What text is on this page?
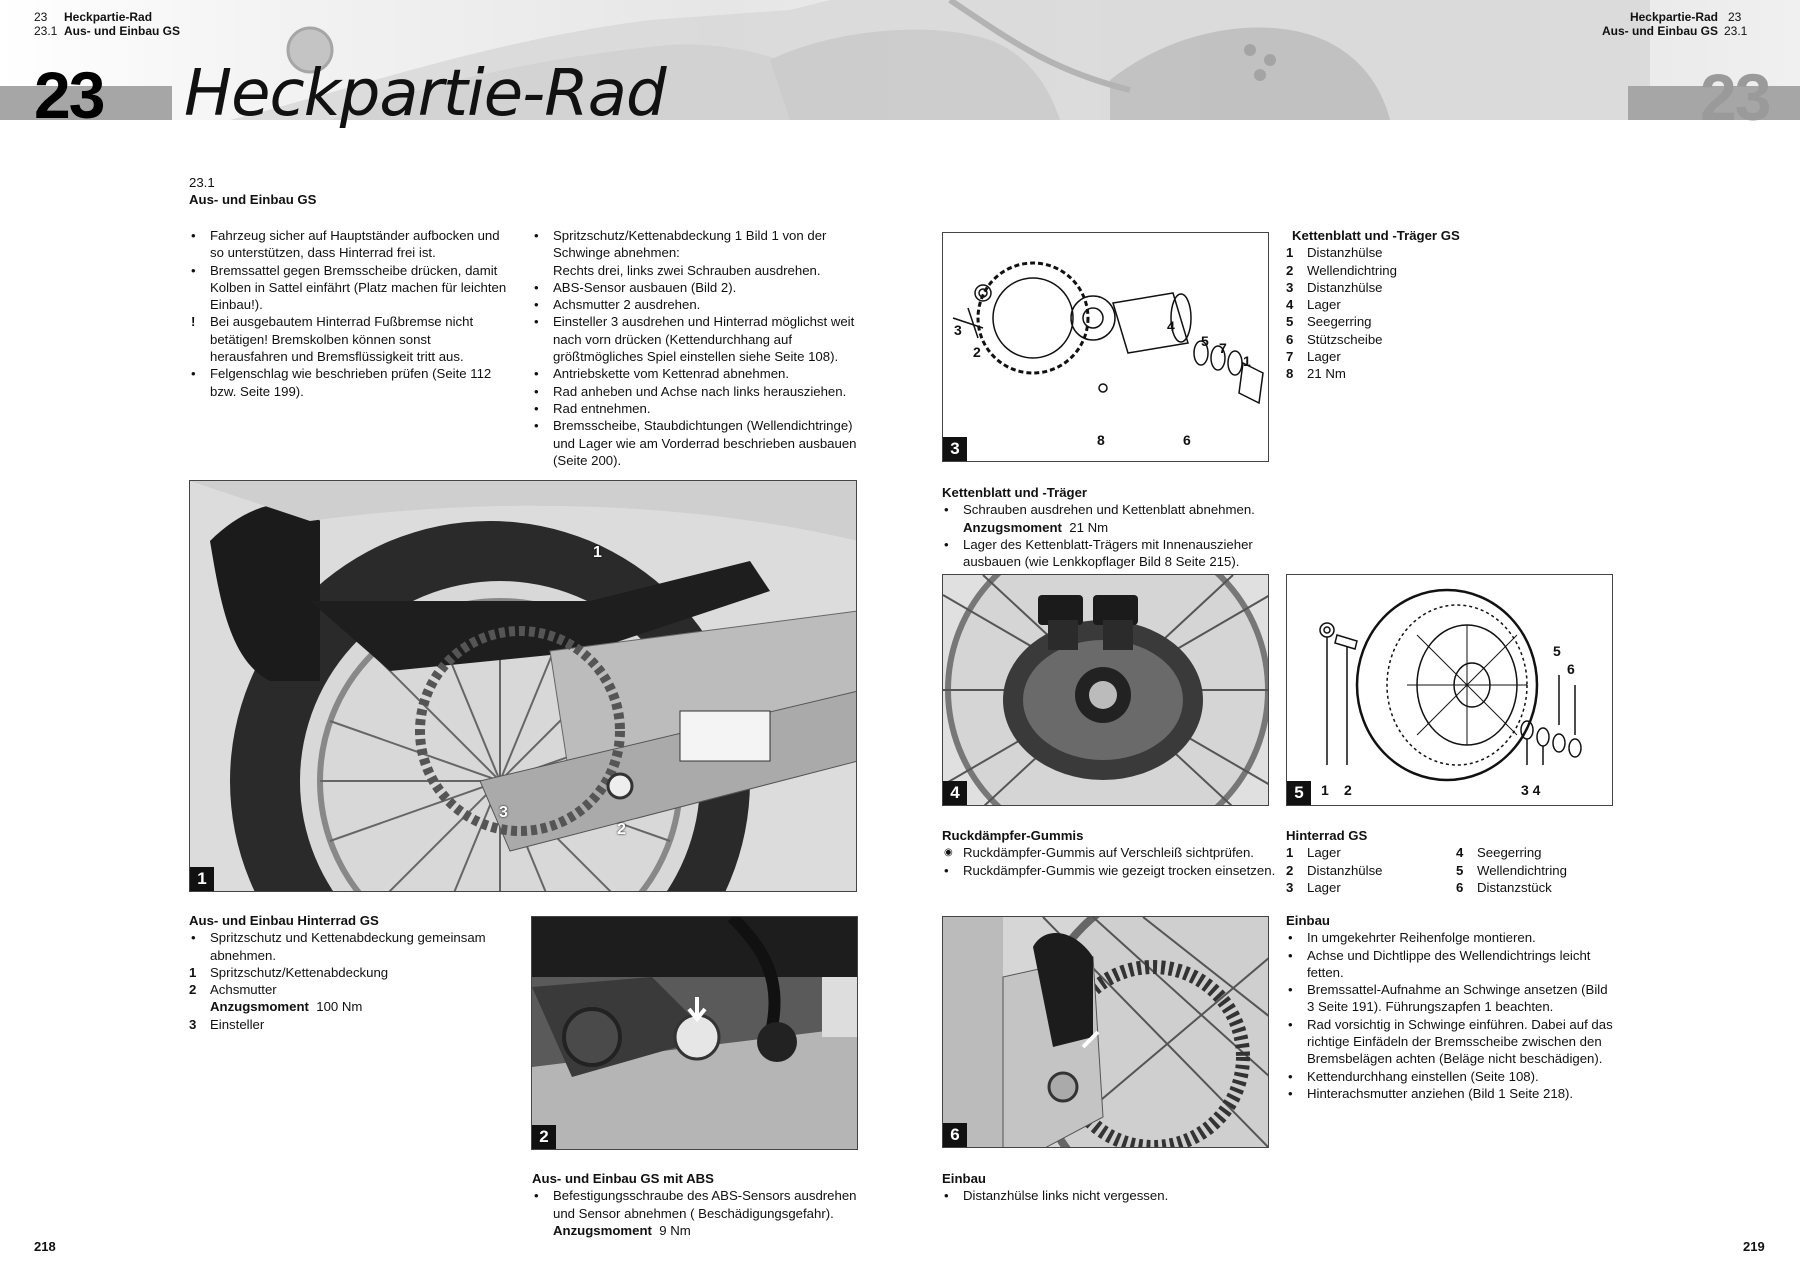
23 Heckpartie-Rad
23.1 Aus- und Einbau GS
Heckpartie-Rad 23
Aus- und Einbau GS 23.1
23 Heckpartie-Rad	23
23.1
Aus- und Einbau GS
• Fahrzeug sicher auf Hauptständer aufbocken und so unterstützen, dass Hinterrad frei ist.
• Bremssattel gegen Bremsscheibe drücken, damit Kolben in Sattel einfährt (Platz machen für leichten Einbau!).
! Bei ausgebautem Hinterrad Fußbremse nicht betätigen! Bremskolben können sonst herausfahren und Bremsflüssigkeit tritt aus.
• Felgenschlag wie beschrieben prüfen (Seite 112 bzw. Seite 199).
• Spritzschutz/Kettenabdeckung 1 Bild 1 von der Schwinge abnehmen:
Rechts drei, links zwei Schrauben ausdrehen.
• ABS-Sensor ausbauen (Bild 2).
• Achsmutter 2 ausdrehen.
• Einsteller 3 ausdrehen und Hinterrad möglichst weit nach vorn drücken (Kettendurchhang auf größtmögliches Spiel einstellen siehe Seite 108).
• Antriebskette vom Kettenrad abnehmen.
• Rad anheben und Achse nach links herausziehen.
• Rad entnehmen.
• Bremsscheibe, Staubdichtungen (Wellendichtringe) und Lager wie am Vorderrad beschrieben ausbauen (Seite 200).
1
2
3
1
Aus- und Einbau Hinterrad GS
• Spritzschutz und Kettenabdeckung gemeinsam abnehmen.
1	Spritzschutz/Kettenabdeckung
2	Achsmutter
Anzugsmoment 100 Nm
3	Einsteller
2
Aus- und Einbau GS mit ABS
• Befestigungsschraube des ABS-Sensors ausdrehen und Sensor abnehmen ( Beschädigungsgefahr).
Anzugsmoment 9 Nm
3
2
4
5 7
1
8	6
3
Kettenblatt und -Träger GS
1	Distanzhülse
2	Wellendichtring
3	Distanzhülse
4	Lager
5	Seegerring
6	Stützscheibe
7	Lager
8	21 Nm
Kettenblatt und -Träger
• Schrauben ausdrehen und Kettenblatt abnehmen.
Anzugsmoment 21 Nm
• Lager des Kettenblatt-Trägers mit Innenauszieher ausbauen (wie Lenkkopflager Bild 8 Seite 215).
4	1 2	3 4
5
6
5
Ruckdämpfer-Gummis
◉ Ruckdämpfer-Gummis auf Verschleiß sichtprüfen.
• Ruckdämpfer-Gummis wie gezeigt trocken einsetzen.
Hinterrad GS
1	Lager
2	Distanzhülse
3	Lager
4	Seegerring
5	Wellendichtring
6	Distanzstück
6
Einbau
• In umgekehrter Reihenfolge montieren.
• Achse und Dichtlippe des Wellendichtrings leicht fetten.
• Bremssattel-Aufnahme an Schwinge ansetzen (Bild 3 Seite 191). Führungszapfen 1 beachten.
• Rad vorsichtig in Schwinge einführen. Dabei auf das richtige Einfädeln der Bremsscheibe zwischen den Bremsbelägen achten (Beläge nicht beschädigen).
• Kettendurchhang einstellen (Seite 108).
• Hinterachsmutter anziehen (Bild 1 Seite 218).
Einbau
• Distanzhülse links nicht vergessen.
218	219
